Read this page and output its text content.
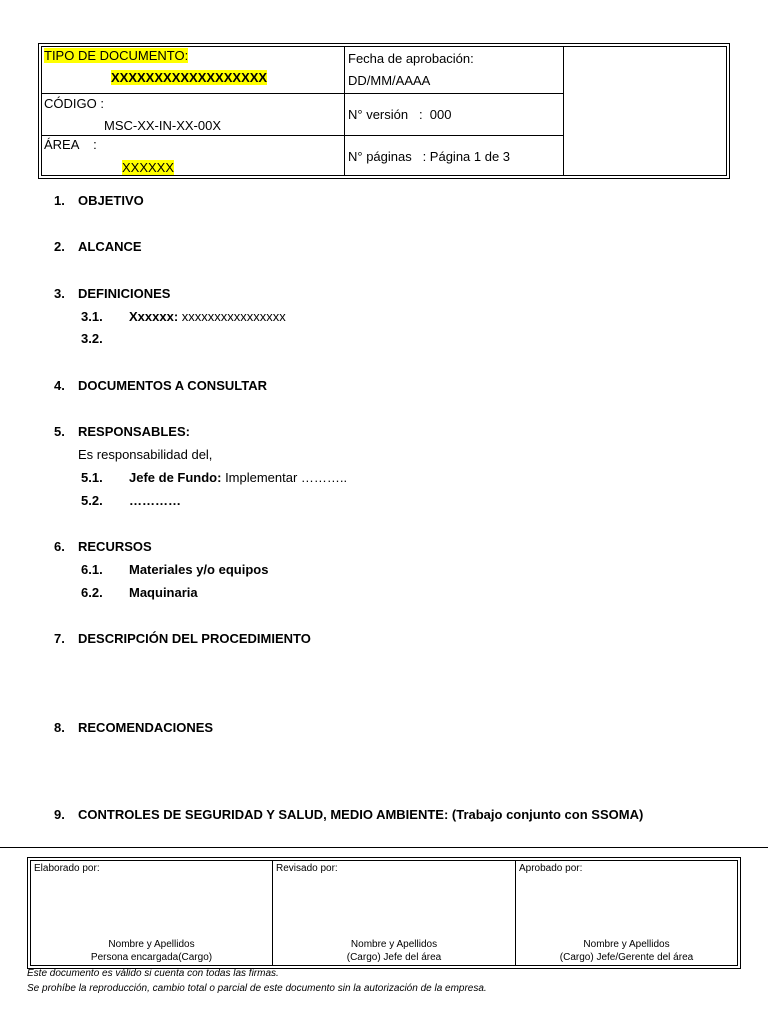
TIPO DE DOCUMENTO:
XXXXXXXXXXXXXXXXXX
Fecha de aprobación:
DD/MM/AAAA
CÓDIGO :
MSC-XX-IN-XX-00X
N° versión   :  000
ÁREA    :
XXXXXX
N° páginas   : Página 1 de 3
1. OBJETIVO
2. ALCANCE
3. DEFINICIONES
3.1. Xxxxxx: xxxxxxxxxxxxxxxx
3.2.
4. DOCUMENTOS A CONSULTAR
5. RESPONSABLES:
Es responsabilidad del,
5.1. Jefe de Fundo: Implementar ………..
5.2. …………
6. RECURSOS
6.1. Materiales y/o equipos
6.2. Maquinaria
7. DESCRIPCIÓN DEL PROCEDIMIENTO
8. RECOMENDACIONES
9. CONTROLES DE SEGURIDAD Y SALUD, MEDIO AMBIENTE: (Trabajo conjunto con SSOMA)
Elaborado por:
Nombre y Apellidos
Persona encargada(Cargo)
Revisado por:
Nombre y Apellidos
(Cargo) Jefe del área
Aprobado por:
Nombre y Apellidos
(Cargo) Jefe/Gerente del área
Este documento es válido si cuenta con todas las firmas.
Se prohíbe la reproducción, cambio total o parcial de este documento sin la autorización de la empresa.
